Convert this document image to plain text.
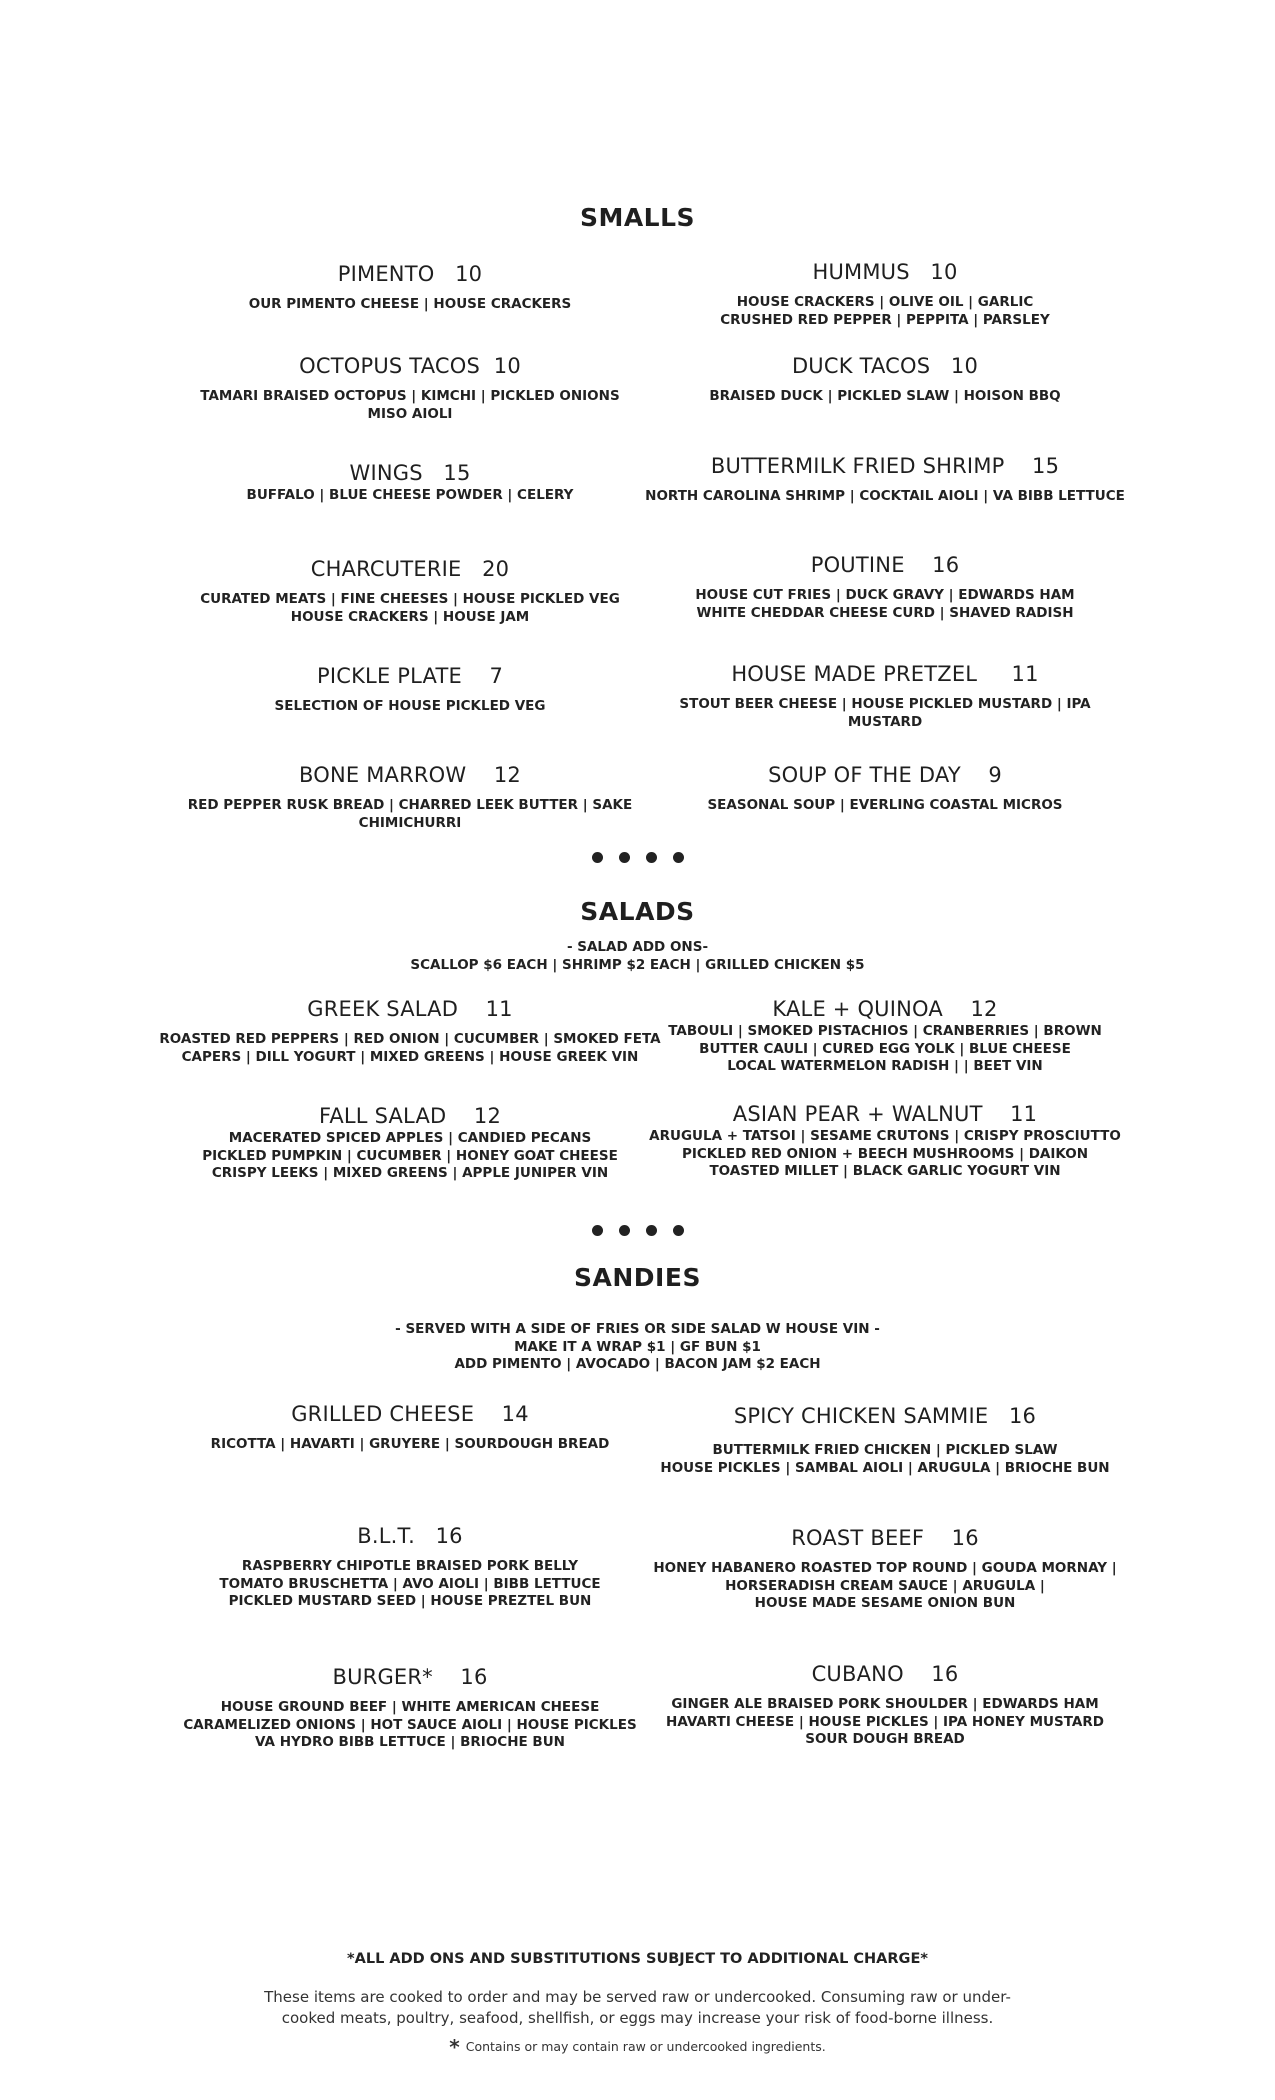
SMALLS
PIMENTO   10
OUR PIMENTO CHEESE | HOUSE CRACKERS
HUMMUS   10
HOUSE CRACKERS | OLIVE OIL | GARLIC
CRUSHED RED PEPPER | PEPPITA | PARSLEY
OCTOPUS TACOS  10
TAMARI BRAISED OCTOPUS | KIMCHI | PICKLED ONIONS
MISO AIOLI
DUCK TACOS   10
BRAISED DUCK | PICKLED SLAW | HOISON BBQ
WINGS   15
BUFFALO | BLUE CHEESE POWDER | CELERY
BUTTERMILK FRIED SHRIMP    15
NORTH CAROLINA SHRIMP | COCKTAIL AIOLI | VA BIBB LETTUCE
CHARCUTERIE   20
CURATED MEATS | FINE CHEESES | HOUSE PICKLED VEG
HOUSE CRACKERS | HOUSE JAM
POUTINE    16
HOUSE CUT FRIES | DUCK GRAVY | EDWARDS HAM
WHITE CHEDDAR CHEESE CURD | SHAVED RADISH
PICKLE PLATE    7
SELECTION OF HOUSE PICKLED VEG
HOUSE MADE PRETZEL     11
STOUT BEER CHEESE | HOUSE PICKLED MUSTARD | IPA MUSTARD
BONE MARROW    12
RED PEPPER RUSK BREAD | CHARRED LEEK BUTTER | SAKE
CHIMICHURRI
SOUP OF THE DAY    9
SEASONAL SOUP | EVERLING COASTAL MICROS
SALADS
- SALAD ADD ONS-
SCALLOP $6 EACH | SHRIMP $2 EACH | GRILLED CHICKEN $5
GREEK SALAD    11
ROASTED RED PEPPERS | RED ONION | CUCUMBER | SMOKED FETA
CAPERS | DILL YOGURT | MIXED GREENS | HOUSE GREEK VIN
KALE + QUINOA    12
TABOULI | SMOKED PISTACHIOS | CRANBERRIES | BROWN
BUTTER CAULI | CURED EGG YOLK | BLUE CHEESE
LOCAL WATERMELON RADISH | | BEET VIN
FALL SALAD    12
MACERATED SPICED APPLES | CANDIED PECANS
PICKLED PUMPKIN | CUCUMBER | HONEY GOAT CHEESE
CRISPY LEEKS | MIXED GREENS | APPLE JUNIPER VIN
ASIAN PEAR + WALNUT    11
ARUGULA + TATSOI | SESAME CRUTONS | CRISPY PROSCIUTTO
PICKLED RED ONION + BEECH MUSHROOMS | DAIKON
TOASTED MILLET | BLACK GARLIC YOGURT VIN
SANDIES
- SERVED WITH A SIDE OF FRIES OR SIDE SALAD W HOUSE VIN -
MAKE IT A WRAP $1 | GF BUN $1
ADD PIMENTO | AVOCADO | BACON JAM $2 EACH
GRILLED CHEESE    14
RICOTTA | HAVARTI | GRUYERE | SOURDOUGH BREAD
SPICY CHICKEN SAMMIE   16
BUTTERMILK FRIED CHICKEN | PICKLED SLAW
HOUSE PICKLES | SAMBAL AIOLI | ARUGULA | BRIOCHE BUN
B.L.T.   16
RASPBERRY CHIPOTLE BRAISED PORK BELLY
TOMATO BRUSCHETTA | AVO AIOLI | BIBB LETTUCE
PICKLED MUSTARD SEED | HOUSE PREZTEL BUN
ROAST BEEF    16
HONEY HABANERO ROASTED TOP ROUND | GOUDA MORNAY |
HORSERADISH CREAM SAUCE | ARUGULA |
HOUSE MADE SESAME ONION BUN
BURGER*    16
HOUSE GROUND BEEF | WHITE AMERICAN CHEESE
CARAMELIZED ONIONS | HOT SAUCE AIOLI | HOUSE PICKLES
VA HYDRO BIBB LETTUCE | BRIOCHE BUN
CUBANO    16
GINGER ALE BRAISED PORK SHOULDER | EDWARDS HAM
HAVARTI CHEESE | HOUSE PICKLES | IPA HONEY MUSTARD
SOUR DOUGH BREAD
*ALL ADD ONS AND SUBSTITUTIONS SUBJECT TO ADDITIONAL CHARGE*
These items are cooked to order and may be served raw or undercooked. Consuming raw or under-
cooked meats, poultry, seafood, shellfish, or eggs may increase your risk of food-borne illness.
* Contains or may contain raw or undercooked ingredients.
